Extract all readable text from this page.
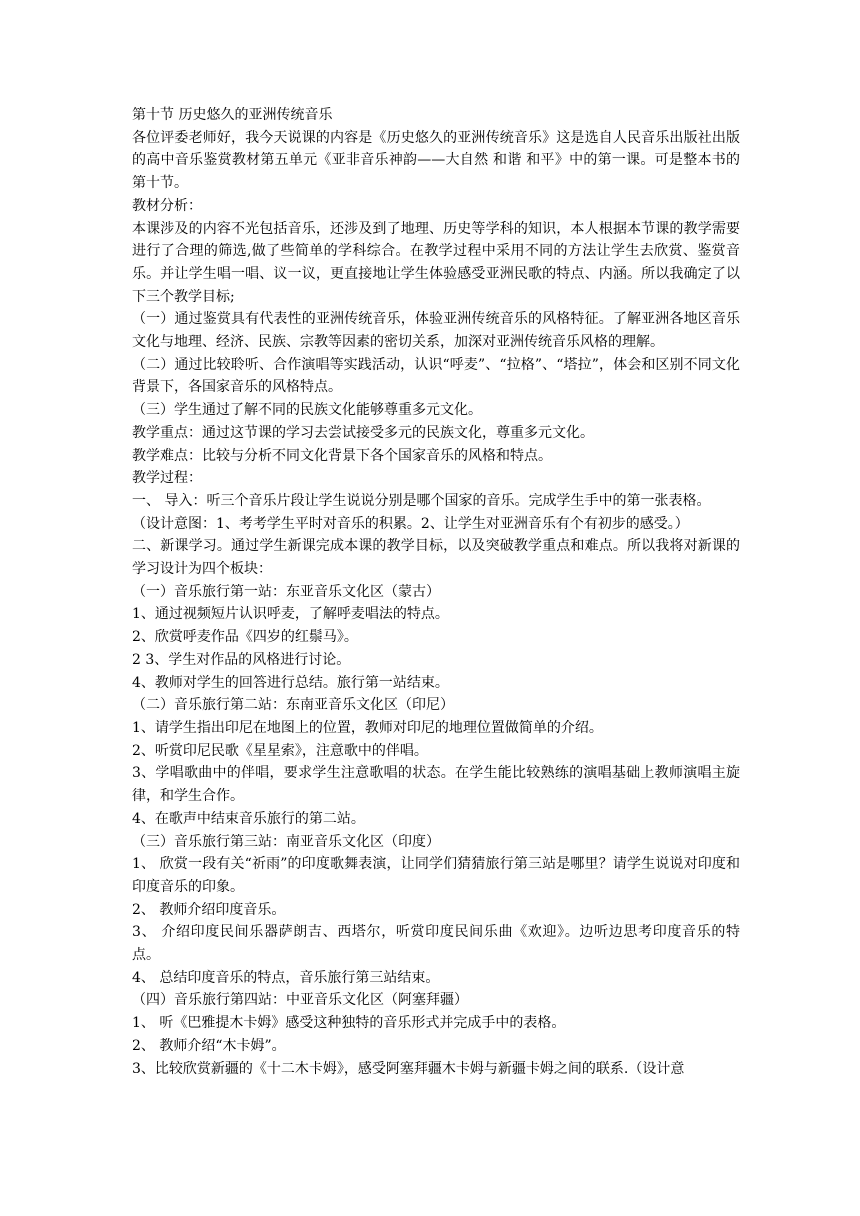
第十节 历史悠久的亚洲传统音乐

各位评委老师好，我今天说课的内容是《历史悠久的亚洲传统音乐》这是选自人民音乐出版社出版的高中音乐鉴赏教材第五单元《亚非音乐神韵——大自然 和谐 和平》中的第一课。可是整本书的第十节。

教材分析：

本课涉及的内容不光包括音乐，还涉及到了地理、历史等学科的知识，本人根据本节课的教学需要进行了合理的筛选,做了些简单的学科综合。在教学过程中采用不同的方法让学生去欣赏、鉴赏音乐。并让学生唱一唱、议一议，更直接地让学生体验感受亚洲民歌的特点、内涵。所以我确定了以下三个教学目标;

（一）通过鉴赏具有代表性的亚洲传统音乐，体验亚洲传统音乐的风格特征。了解亚洲各地区音乐文化与地理、经济、民族、宗教等因素的密切关系，加深对亚洲传统音乐风格的理解。

（二）通过比较聆听、合作演唱等实践活动，认识“呼麦”、“拉格”、“塔拉”，体会和区别不同文化背景下，各国家音乐的风格特点。

（三）学生通过了解不同的民族文化能够尊重多元文化。

教学重点：通过这节课的学习去尝试接受多元的民族文化，尊重多元文化。

教学难点：比较与分析不同文化背景下各个国家音乐的风格和特点。

教学过程：

一、 导入：听三个音乐片段让学生说说分别是哪个国家的音乐。完成学生手中的第一张表格。

（设计意图：1、考考学生平时对音乐的积累。2、让学生对亚洲音乐有个有初步的感受。）

二、新课学习。通过学生新课完成本课的教学目标，以及突破教学重点和难点。所以我将对新课的学习设计为四个板块：

（一）音乐旅行第一站：东亚音乐文化区（蒙古）

1、通过视频短片认识呼麦，了解呼麦唱法的特点。

2、欣赏呼麦作品《四岁的红鬃马》。

2 3、学生对作品的风格进行讨论。

4、教师对学生的回答进行总结。旅行第一站结束。

（二）音乐旅行第二站：东南亚音乐文化区（印尼）

1、请学生指出印尼在地图上的位置，教师对印尼的地理位置做简单的介绍。

2、听赏印尼民歌《星星索》，注意歌中的伴唱。

3、学唱歌曲中的伴唱，要求学生注意歌唱的状态。在学生能比较熟练的演唱基础上教师演唱主旋律，和学生合作。

4、在歌声中结束音乐旅行的第二站。

（三）音乐旅行第三站：南亚音乐文化区（印度）

1、 欣赏一段有关“祈雨”的印度歌舞表演，让同学们猜猜旅行第三站是哪里？请学生说说对印度和印度音乐的印象。

2、 教师介绍印度音乐。

3、 介绍印度民间乐器萨朗吉、西塔尔，听赏印度民间乐曲《欢迎》。边听边思考印度音乐的特点。

4、 总结印度音乐的特点，音乐旅行第三站结束。

（四）音乐旅行第四站：中亚音乐文化区（阿塞拜疆）

1、 听《巴雅提木卡姆》感受这种独特的音乐形式并完成手中的表格。

2、 教师介绍“木卡姆”。

3、比较欣赏新疆的《十二木卡姆》，感受阿塞拜疆木卡姆与新疆卡姆之间的联系.（设计意
